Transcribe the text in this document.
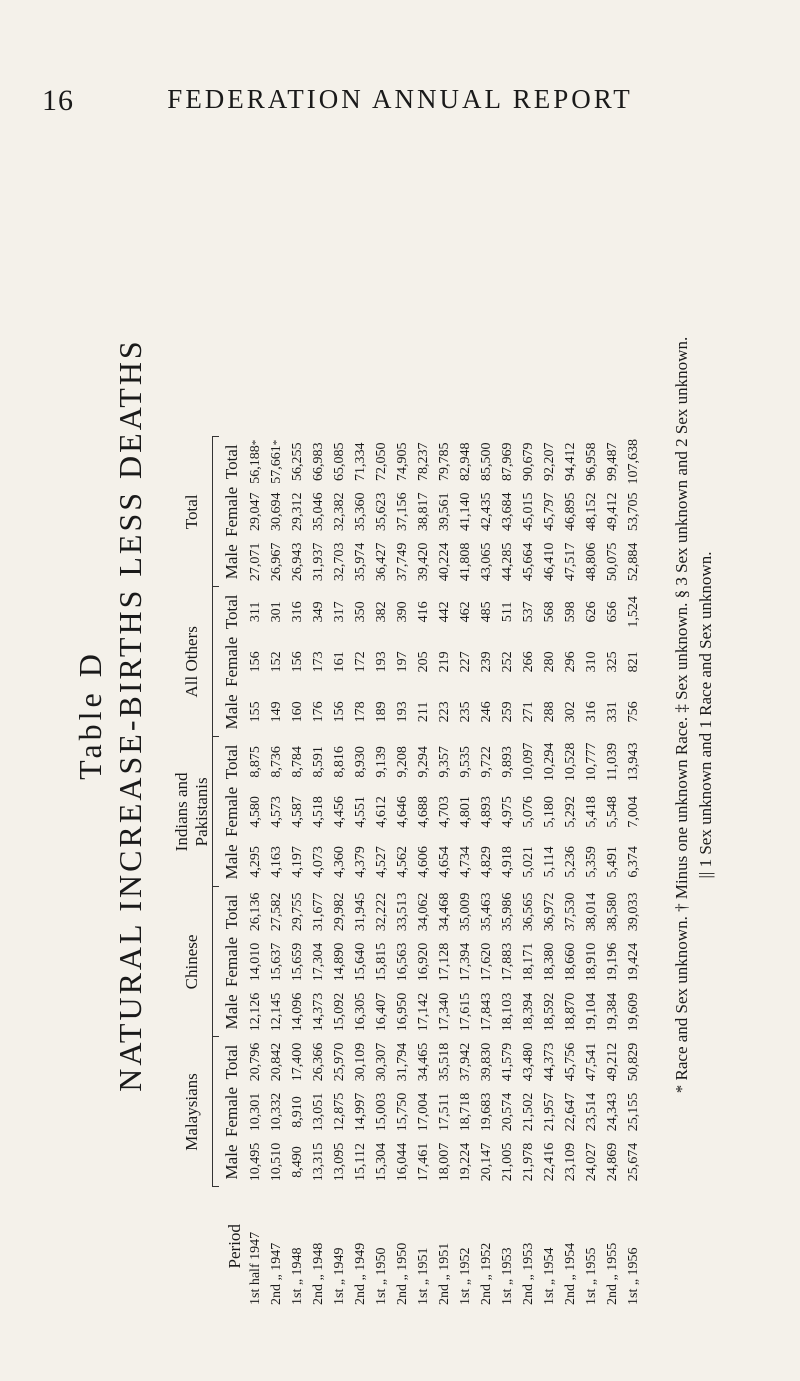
16	FEDERATION ANNUAL REPORT
Table D NATURAL INCREASE-BIRTHS LESS DEATHS
Period	Malaysians			Chinese			Indians and Pakistanis			All Others			Total		

	Male	Female	Total	Male	Female	Total	Male	Female	Total	Male	Female	Total	Male	Female	Total
1st half 1947	10,495	10,301	20,796	12,126	14,010	26,136	4,295	4,580	8,875	155	156	311	27,071	29,047	56,188*
2nd „ 1947	10,510	10,332	20,842	12,145	15,637	27,582	4,163	4,573	8,736	149	152	301	26,967	30,694	57,661*
1st „ 1948	8,490	8,910	17,400	14,096	15,659	29,755	4,197	4,587	8,784	160	156	316	26,943	29,312	56,255
2nd „ 1948	13,315	13,051	26,366	14,373	17,304	31,677	4,073	4,518	8,591	176	173	349	31,937	35,046	66,983
1st „ 1949	13,095	12,875	25,970	15,092	14,890	29,982	4,360	4,456	8,816	156	161	317	32,703	32,382	65,085
2nd „ 1949	15,112	14,997	30,109	16,305	15,640	31,945	4,379	4,551	8,930	178	172	350	35,974	35,360	71,334
1st „ 1950	15,304	15,003	30,307	16,407	15,815	32,222	4,527	4,612	9,139	189	193	382	36,427	35,623	72,050
2nd „ 1950	16,044	15,750	31,794	16,950	16,563	33,513	4,562	4,646	9,208	193	197	390	37,749	37,156	74,905
1st „ 1951	17,461	17,004	34,465	17,142	16,920	34,062	4,606	4,688	9,294	211	205	416	39,420	38,817	78,237
2nd „ 1951	18,007	17,511	35,518	17,340	17,128	34,468	4,654	4,703	9,357	223	219	442	40,224	39,561	79,785
1st „ 1952	19,224	18,718	37,942	17,615	17,394	35,009	4,734	4,801	9,535	235	227	462	41,808	41,140	82,948
2nd „ 1952	20,147	19,683	39,830	17,843	17,620	35,463	4,829	4,893	9,722	246	239	485	43,065	42,435	85,500
1st „ 1953	21,005	20,574	41,579	18,103	17,883	35,986	4,918	4,975	9,893	259	252	511	44,285	43,684	87,969
2nd „ 1953	21,978	21,502	43,480	18,394	18,171	36,565	5,021	5,076	10,097	271	266	537	45,664	45,015	90,679
1st „ 1954	22,416	21,957	44,373	18,592	18,380	36,972	5,114	5,180	10,294	288	280	568	46,410	45,797	92,207
2nd „ 1954	23,109	22,647	45,756	18,870	18,660	37,530	5,236	5,292	10,528	302	296	598	47,517	46,895	94,412
1st „ 1955	24,027	23,514	47,541	19,104	18,910	38,014	5,359	5,418	10,777	316	310	626	48,806	48,152	96,958
2nd „ 1955	24,869	24,343	49,212	19,384	19,196	38,580	5,491	5,548	11,039	331	325	656	50,075	49,412	99,487
1st „ 1956	25,674	25,155	50,829	19,609	19,424	39,033	6,374	7,004	13,943	756	821	1,524	52,884	53,705	107,638 * Race and Sex unknown. † Minus one unknown Race. ‡ Sex unknown. § 3 Sex unknown and 2 Sex unknown. || 1 Sex unknown and 1 Race and Sex unknown.
